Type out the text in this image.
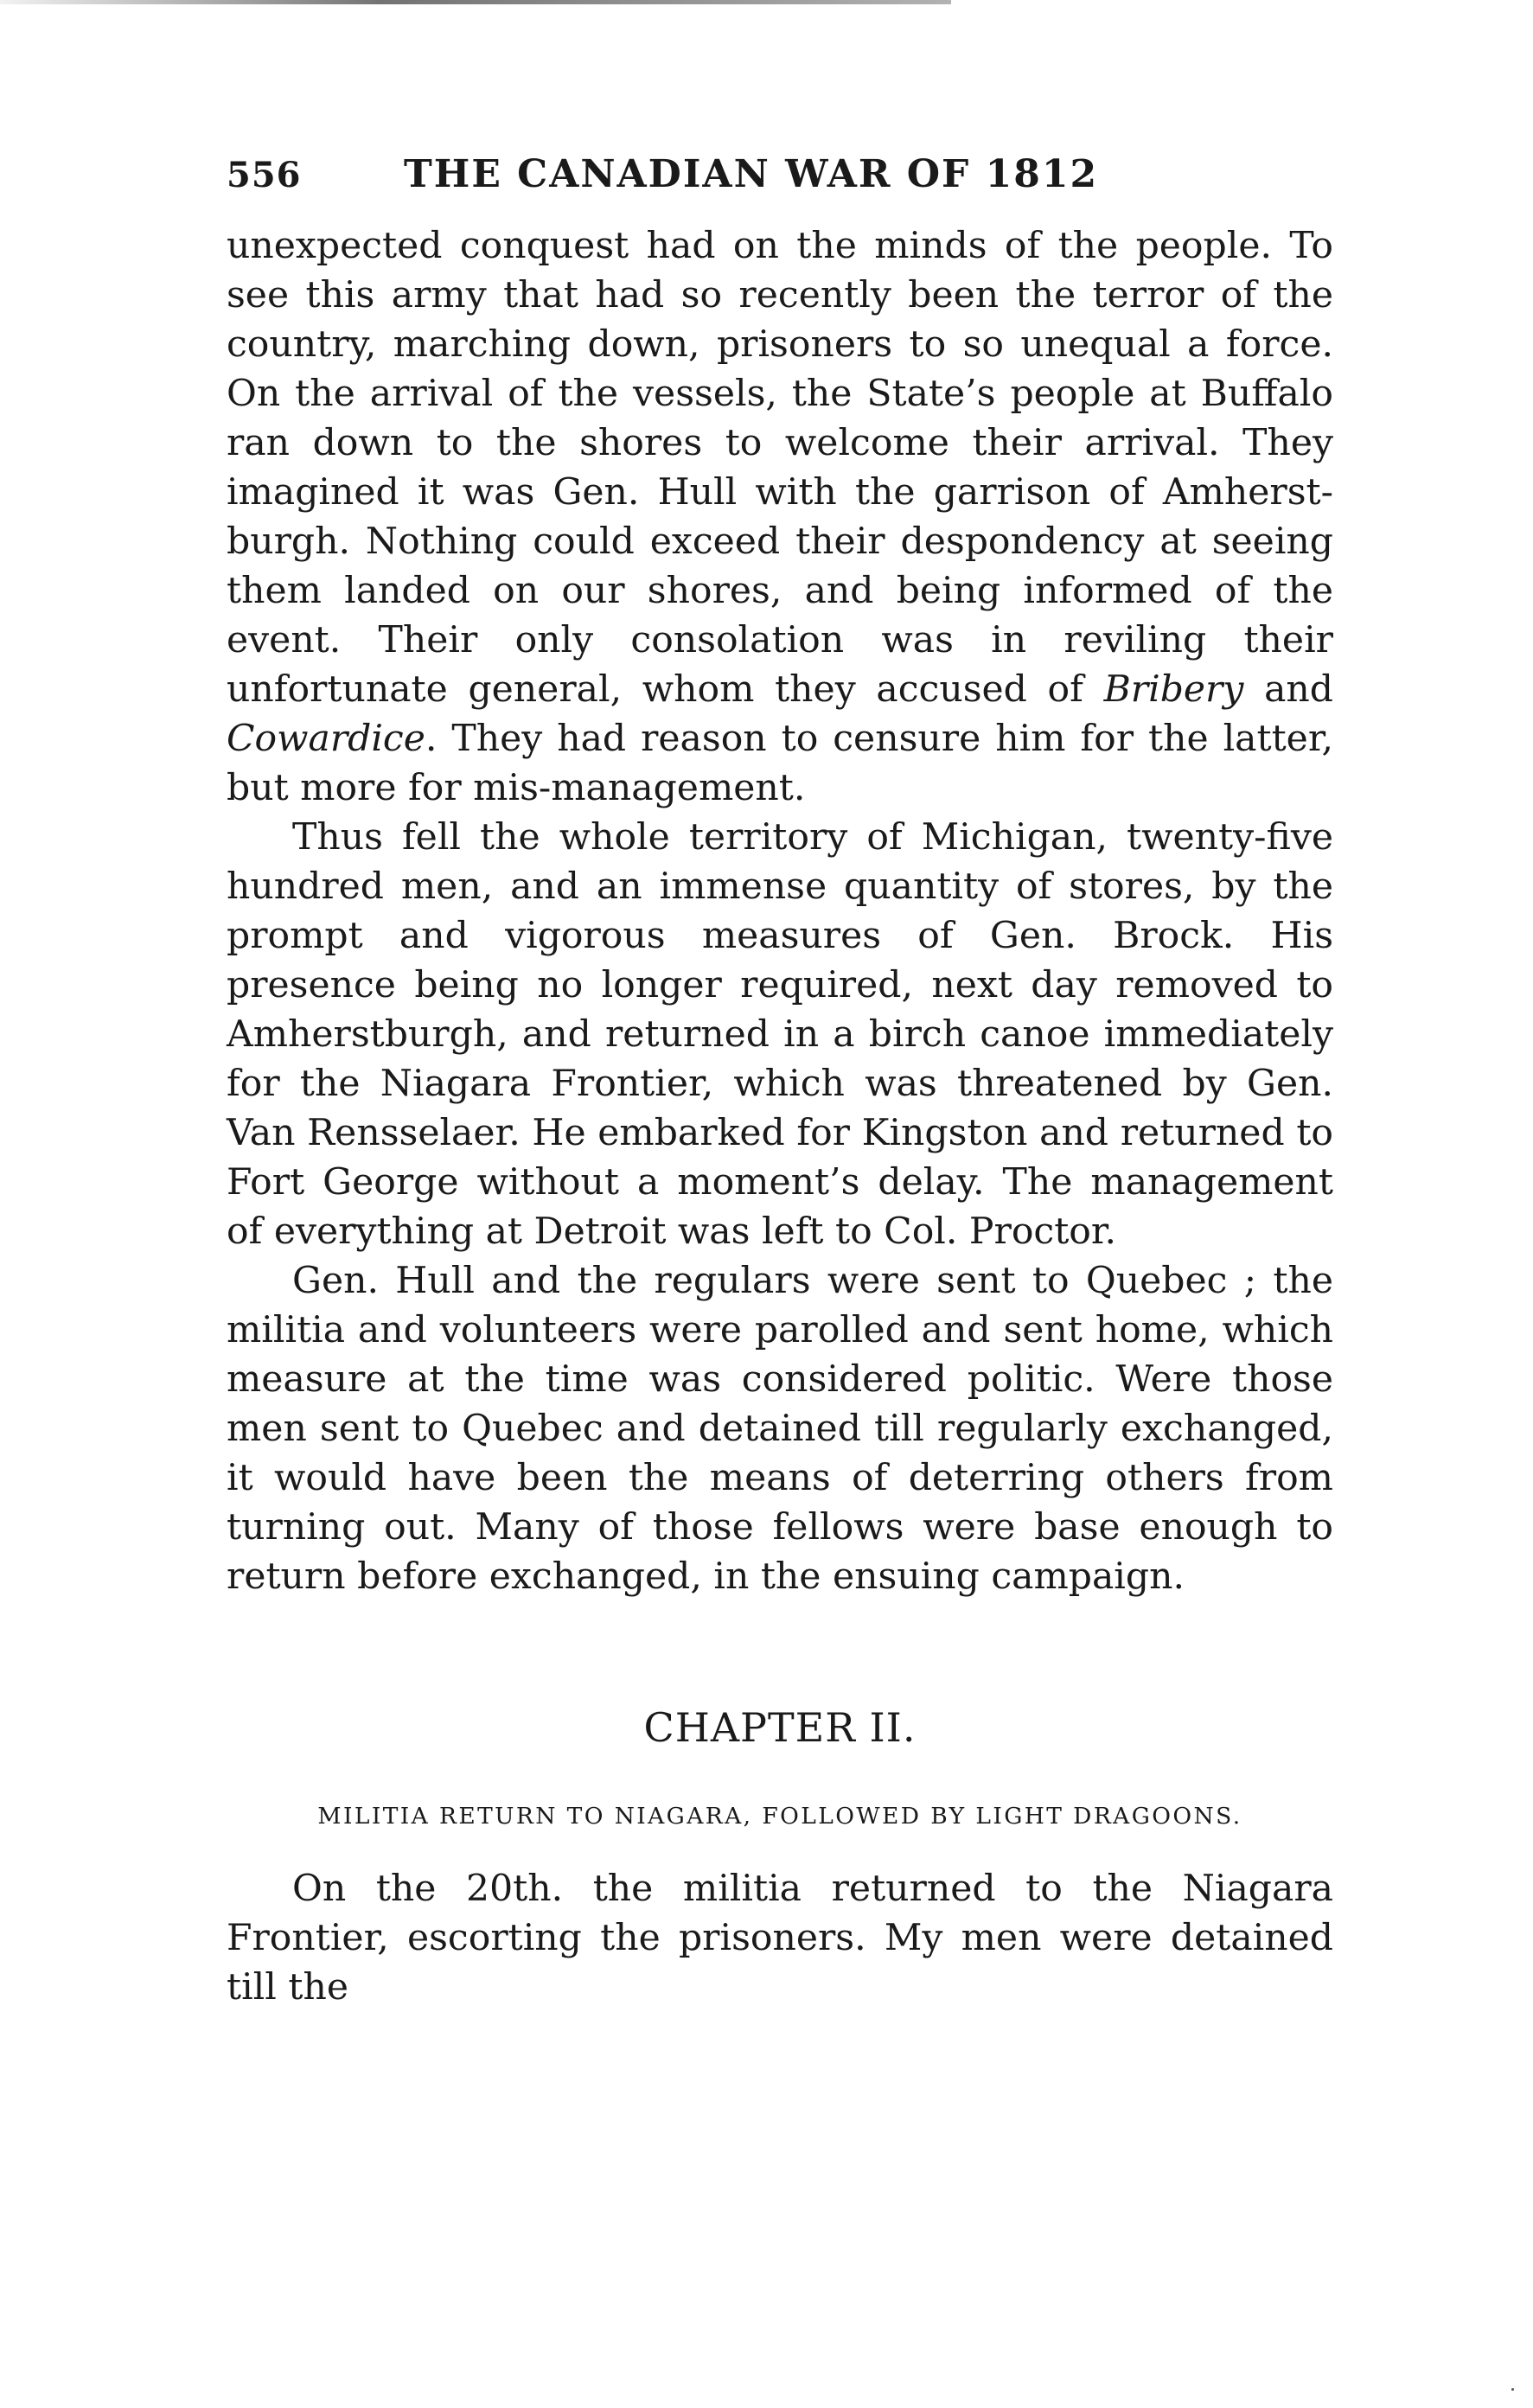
556	THE CANADIAN WAR OF 1812

unexpected conquest had on the minds of the people. To see this army that had so recently been the terror of the country, marching down, prisoners to so unequal a force. On the arrival of the vessels, the State’s people at Buffalo ran down to the shores to welcome their arrival. They imagined it was Gen. Hull with the garrison of Amherst-burgh. Nothing could exceed their despondency at seeing them landed on our shores, and being informed of the event. Their only consolation was in reviling their unfortunate general, whom they accused of Bribery and Cowardice. They had reason to censure him for the latter, but more for mis-management.

Thus fell the whole territory of Michigan, twenty-five hundred men, and an immense quantity of stores, by the prompt and vigorous measures of Gen. Brock. His presence being no longer required, next day removed to Amherstburgh, and returned in a birch canoe immediately for the Niagara Frontier, which was threatened by Gen. Van Rensselaer. He embarked for Kingston and returned to Fort George without a moment’s delay. The management of everything at Detroit was left to Col. Proctor.

Gen. Hull and the regulars were sent to Quebec ; the militia and volunteers were parolled and sent home, which measure at the time was considered politic. Were those men sent to Quebec and detained till regularly exchanged, it would have been the means of deterring others from turning out. Many of those fellows were base enough to return before exchanged, in the ensuing campaign.

CHAPTER II.
MILITIA RETURN TO NIAGARA, FOLLOWED BY LIGHT DRAGOONS.

On the 20th. the militia returned to the Niagara Frontier, escorting the prisoners. My men were detained till the
